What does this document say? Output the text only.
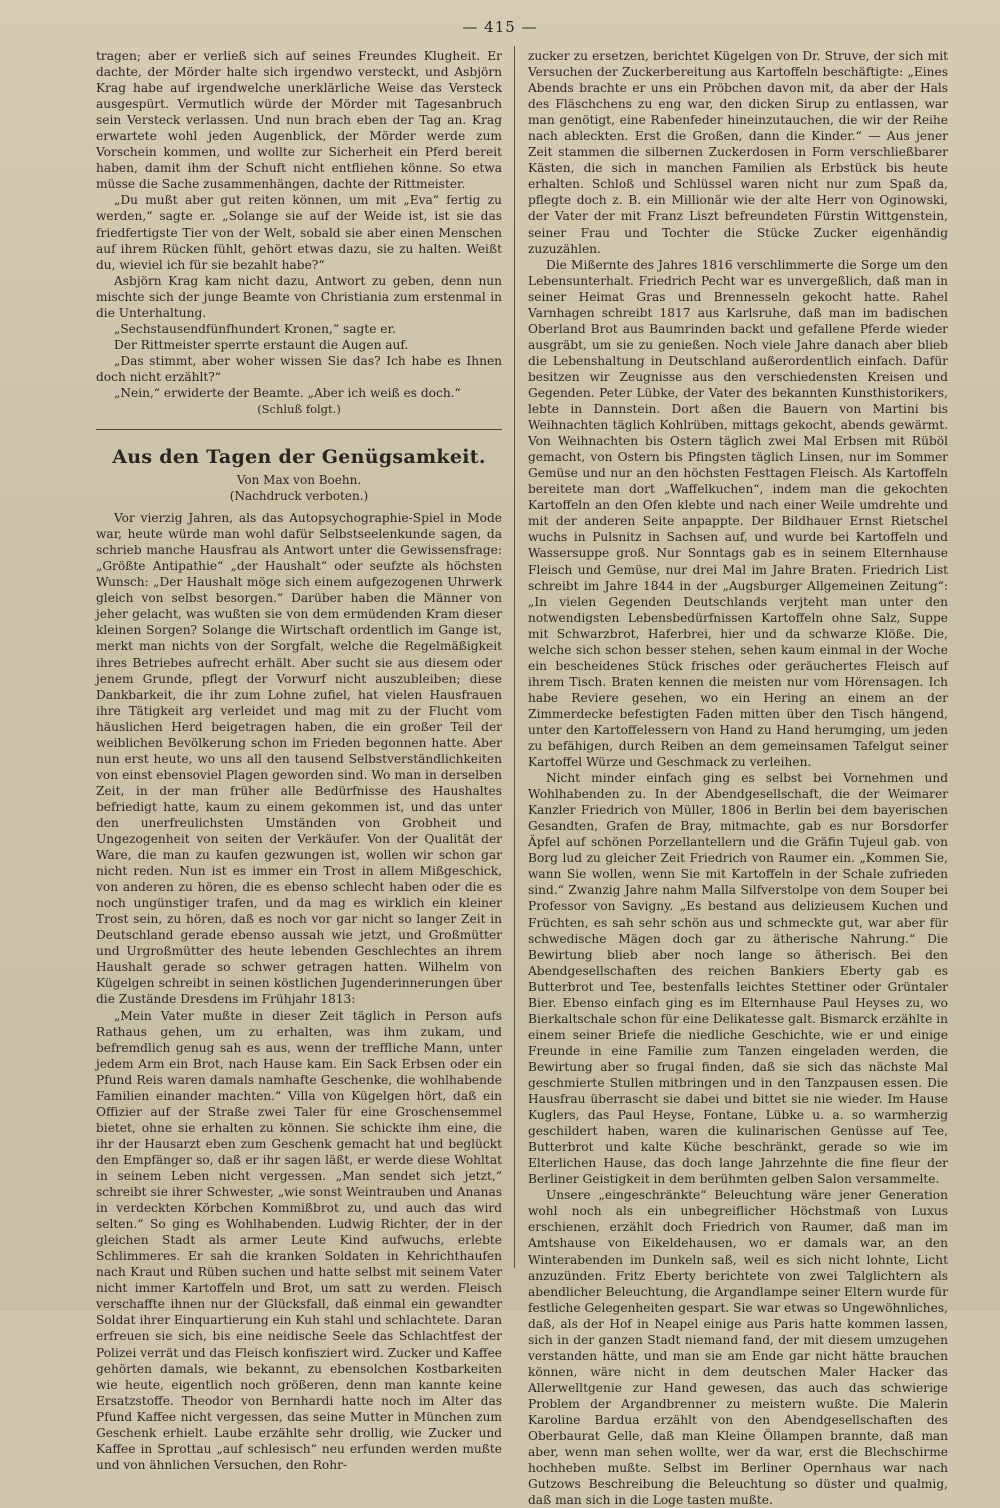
— 415 —

tragen; aber er verließ sich auf seines Freundes Klugheit. Er dachte, der Mörder halte sich irgendwo versteckt, und Asbjörn Krag habe auf irgendwelche unerklärliche Weise das Versteck ausgespürt. Vermutlich würde der Mörder mit Tagesanbruch sein Versteck verlassen. Und nun brach eben der Tag an. Krag erwartete wohl jeden Augenblick, der Mörder werde zum Vorschein kommen, und wollte zur Sicherheit ein Pferd bereit haben, damit ihm der Schuft nicht entfliehen könne. So etwa müsse die Sache zusammenhängen, dachte der Rittmeister.

„Du mußt aber gut reiten können, um mit „Eva“ fertig zu werden,“ sagte er. „Solange sie auf der Weide ist, ist sie das friedfertigste Tier von der Welt, sobald sie aber einen Menschen auf ihrem Rücken fühlt, gehört etwas dazu, sie zu halten. Weißt du, wieviel ich für sie bezahlt habe?“

Asbjörn Krag kam nicht dazu, Antwort zu geben, denn nun mischte sich der junge Beamte von Christiania zum erstenmal in die Unterhaltung.

„Sechstausendfünfhundert Kronen,“ sagte er.

Der Rittmeister sperrte erstaunt die Augen auf.

„Das stimmt, aber woher wissen Sie das? Ich habe es Ihnen doch nicht erzählt?“

„Nein,“ erwiderte der Beamte. „Aber ich weiß es doch.“

(Schluß folgt.)

Aus den Tagen der Genügsamkeit.
Von Max von Boehn.
(Nachdruck verboten.)

Vor vierzig Jahren, als das Autopsychographie-Spiel in Mode war, heute würde man wohl dafür Selbstseelenkunde sagen, da schrieb manche Hausfrau als Antwort unter die Gewissensfrage: „Größte Antipathie“ „der Haushalt“ oder seufzte als höchsten Wunsch: „Der Haushalt möge sich einem aufgezogenen Uhrwerk gleich von selbst besorgen.“ Darüber haben die Männer von jeher gelacht, was wußten sie von dem ermüdenden Kram dieser kleinen Sorgen? Solange die Wirtschaft ordentlich im Gange ist, merkt man nichts von der Sorgfalt, welche die Regelmäßigkeit ihres Betriebes aufrecht erhält. Aber sucht sie aus diesem oder jenem Grunde, pflegt der Vorwurf nicht auszubleiben; diese Dankbarkeit, die ihr zum Lohne zufiel, hat vielen Hausfrauen ihre Tätigkeit arg verleidet und mag mit zu der Flucht vom häuslichen Herd beigetragen haben, die ein großer Teil der weiblichen Bevölkerung schon im Frieden begonnen hatte. Aber nun erst heute, wo uns all den tausend Selbstverständlichkeiten von einst ebensoviel Plagen geworden sind. Wo man in derselben Zeit, in der man früher alle Bedürfnisse des Haushaltes befriedigt hatte, kaum zu einem gekommen ist, und das unter den unerfreulichsten Umständen von Grobheit und Ungezogenheit von seiten der Verkäufer. Von der Qualität der Ware, die man zu kaufen gezwungen ist, wollen wir schon gar nicht reden. Nun ist es immer ein Trost in allem Mißgeschick, von anderen zu hören, die es ebenso schlecht haben oder die es noch ungünstiger trafen, und da mag es wirklich ein kleiner Trost sein, zu hören, daß es noch vor gar nicht so langer Zeit in Deutschland gerade ebenso aussah wie jetzt, und Großmütter und Urgroßmütter des heute lebenden Geschlechtes an ihrem Haushalt gerade so schwer getragen hatten. Wilhelm von Kügelgen schreibt in seinen köstlichen Jugenderinnerungen über die Zustände Dresdens im Frühjahr 1813:

„Mein Vater mußte in dieser Zeit täglich in Person aufs Rathaus gehen, um zu erhalten, was ihm zukam, und befremdlich genug sah es aus, wenn der treffliche Mann, unter jedem Arm ein Brot, nach Hause kam. Ein Sack Erbsen oder ein Pfund Reis waren damals namhafte Geschenke, die wohlhabende Familien einander machten.“ Villa von Kügelgen hört, daß ein Offizier auf der Straße zwei Taler für eine Groschensemmel bietet, ohne sie erhalten zu können. Sie schickte ihm eine, die ihr der Hausarzt eben zum Geschenk gemacht hat und beglückt den Empfänger so, daß er ihr sagen läßt, er werde diese Wohltat in seinem Leben nicht vergessen. „Man sendet sich jetzt,“ schreibt sie ihrer Schwester, „wie sonst Weintrauben und Ananas in verdeckten Körbchen Kommißbrot zu, und auch das wird selten.“ So ging es Wohlhabenden. Ludwig Richter, der in der gleichen Stadt als armer Leute Kind aufwuchs, erlebte Schlimmeres. Er sah die kranken Soldaten in Kehrichthaufen nach Kraut und Rüben suchen und hatte selbst mit seinem Vater nicht immer Kartoffeln und Brot, um satt zu werden. Fleisch verschaffte ihnen nur der Glücksfall, daß einmal ein gewandter Soldat ihrer Einquartierung ein Kuh stahl und schlachtete. Daran erfreuen sie sich, bis eine neidische Seele das Schlachtfest der Polizei verrät und das Fleisch konfisziert wird. Zucker und Kaffee gehörten damals, wie bekannt, zu ebensolchen Kostbarkeiten wie heute, eigentlich noch größeren, denn man kannte keine Ersatzstoffe. Theodor von Bernhardi hatte noch im Alter das Pfund Kaffee nicht vergessen, das seine Mutter in München zum Geschenk erhielt. Laube erzählte sehr drollig, wie Zucker und Kaffee in Sprottau „auf schlesisch“ neu erfunden werden mußte und von ähnlichen Versuchen, den Rohr-

zucker zu ersetzen, berichtet Kügelgen von Dr. Struve, der sich mit Versuchen der Zuckerbereitung aus Kartoffeln beschäftigte: „Eines Abends brachte er uns ein Pröbchen davon mit, da aber der Hals des Fläschchens zu eng war, den dicken Sirup zu entlassen, war man genötigt, eine Rabenfeder hineinzutauchen, die wir der Reihe nach ableckten. Erst die Großen, dann die Kinder.“ — Aus jener Zeit stammen die silbernen Zuckerdosen in Form verschließbarer Kästen, die sich in manchen Familien als Erbstück bis heute erhalten. Schloß und Schlüssel waren nicht nur zum Spaß da, pflegte doch z. B. ein Millionär wie der alte Herr von Oginowski, der Vater der mit Franz Liszt befreundeten Fürstin Wittgenstein, seiner Frau und Tochter die Stücke Zucker eigenhändig zuzuzählen.

Die Mißernte des Jahres 1816 verschlimmerte die Sorge um den Lebensunterhalt. Friedrich Pecht war es unvergeßlich, daß man in seiner Heimat Gras und Brennesseln gekocht hatte. Rahel Varnhagen schreibt 1817 aus Karlsruhe, daß man im badischen Oberland Brot aus Baumrinden backt und gefallene Pferde wieder ausgräbt, um sie zu genießen. Noch viele Jahre danach aber blieb die Lebenshaltung in Deutschland außerordentlich einfach. Dafür besitzen wir Zeugnisse aus den verschiedensten Kreisen und Gegenden. Peter Lübke, der Vater des bekannten Kunsthistorikers, lebte in Dannstein. Dort aßen die Bauern von Martini bis Weihnachten täglich Kohlrüben, mittags gekocht, abends gewärmt. Von Weihnachten bis Ostern täglich zwei Mal Erbsen mit Rüböl gemacht, von Ostern bis Pfingsten täglich Linsen, nur im Sommer Gemüse und nur an den höchsten Festtagen Fleisch. Als Kartoffeln bereitete man dort „Waffelkuchen“, indem man die gekochten Kartoffeln an den Ofen klebte und nach einer Weile umdrehte und mit der anderen Seite anpappte. Der Bildhauer Ernst Rietschel wuchs in Pulsnitz in Sachsen auf, und wurde bei Kartoffeln und Wassersuppe groß. Nur Sonntags gab es in seinem Elternhause Fleisch und Gemüse, nur drei Mal im Jahre Braten. Friedrich List schreibt im Jahre 1844 in der „Augsburger Allgemeinen Zeitung“: „In vielen Gegenden Deutschlands verjteht man unter den notwendigsten Lebensbedürfnissen Kartoffeln ohne Salz, Suppe mit Schwarzbrot, Haferbrei, hier und da schwarze Klöße. Die, welche sich schon besser stehen, sehen kaum einmal in der Woche ein bescheidenes Stück frisches oder geräuchertes Fleisch auf ihrem Tisch. Braten kennen die meisten nur vom Hörensagen. Ich habe Reviere gesehen, wo ein Hering an einem an der Zimmerdecke befestigten Faden mitten über den Tisch hängend, unter den Kartoffelessern von Hand zu Hand herumging, um jeden zu befähigen, durch Reiben an dem gemeinsamen Tafelgut seiner Kartoffel Würze und Geschmack zu verleihen.

Nicht minder einfach ging es selbst bei Vornehmen und Wohlhabenden zu. In der Abendgesellschaft, die der Weimarer Kanzler Friedrich von Müller, 1806 in Berlin bei dem bayerischen Gesandten, Grafen de Bray, mitmachte, gab es nur Borsdorfer Äpfel auf schönen Porzellantellern und die Gräfin Tujeul gab. von Borg lud zu gleicher Zeit Friedrich von Raumer ein. „Kommen Sie, wann Sie wollen, wenn Sie mit Kartoffeln in der Schale zufrieden sind.“ Zwanzig Jahre nahm Malla Silfverstolpe von dem Souper bei Professor von Savigny. „Es bestand aus delizieusem Kuchen und Früchten, es sah sehr schön aus und schmeckte gut, war aber für schwedische Mägen doch gar zu ätherische Nahrung.“ Die Bewirtung blieb aber noch lange so ätherisch. Bei den Abendgesellschaften des reichen Bankiers Eberty gab es Butterbrot und Tee, bestenfalls leichtes Stettiner oder Grüntaler Bier. Ebenso einfach ging es im Elternhause Paul Heyses zu, wo Bierkaltschale schon für eine Delikatesse galt. Bismarck erzählte in einem seiner Briefe die niedliche Geschichte, wie er und einige Freunde in eine Familie zum Tanzen eingeladen werden, die Bewirtung aber so frugal finden, daß sie sich das nächste Mal geschmierte Stullen mitbringen und in den Tanzpausen essen. Die Hausfrau überrascht sie dabei und bittet sie nie wieder. Im Hause Kuglers, das Paul Heyse, Fontane, Lübke u. a. so warmherzig geschildert haben, waren die kulinarischen Genüsse auf Tee, Butterbrot und kalte Küche beschränkt, gerade so wie im Elterlichen Hause, das doch lange Jahrzehnte die fine fleur der Berliner Geistigkeit in dem berühmten gelben Salon versammelte.

Unsere „eingeschränkte“ Beleuchtung wäre jener Generation wohl noch als ein unbegreiflicher Höchstmaß von Luxus erschienen, erzählt doch Friedrich von Raumer, daß man im Amtshause von Eikeldehausen, wo er damals war, an den Winterabenden im Dunkeln saß, weil es sich nicht lohnte, Licht anzuzünden. Fritz Eberty berichtete von zwei Talglichtern als abendlicher Beleuchtung, die Argandlampe seiner Eltern wurde für festliche Gelegenheiten gespart. Sie war etwas so Ungewöhnliches, daß, als der Hof in Neapel einige aus Paris hatte kommen lassen, sich in der ganzen Stadt niemand fand, der mit diesem umzugehen verstanden hätte, und man sie am Ende gar nicht hätte brauchen können, wäre nicht in dem deutschen Maler Hacker das Allerwelltgenie zur Hand gewesen, das auch das schwierige Problem der Argandbrenner zu meistern wußte. Die Malerin Karoline Bardua erzählt von den Abendgesellschaften des Oberbaurat Gelle, daß man Kleine Öllampen brannte, daß man aber, wenn man sehen wollte, wer da war, erst die Blechschirme hochheben mußte. Selbst im Berliner Opernhaus war nach Gutzows Beschreibung die Beleuchtung so düster und qualmig, daß man sich in die Loge tasten mußte.
